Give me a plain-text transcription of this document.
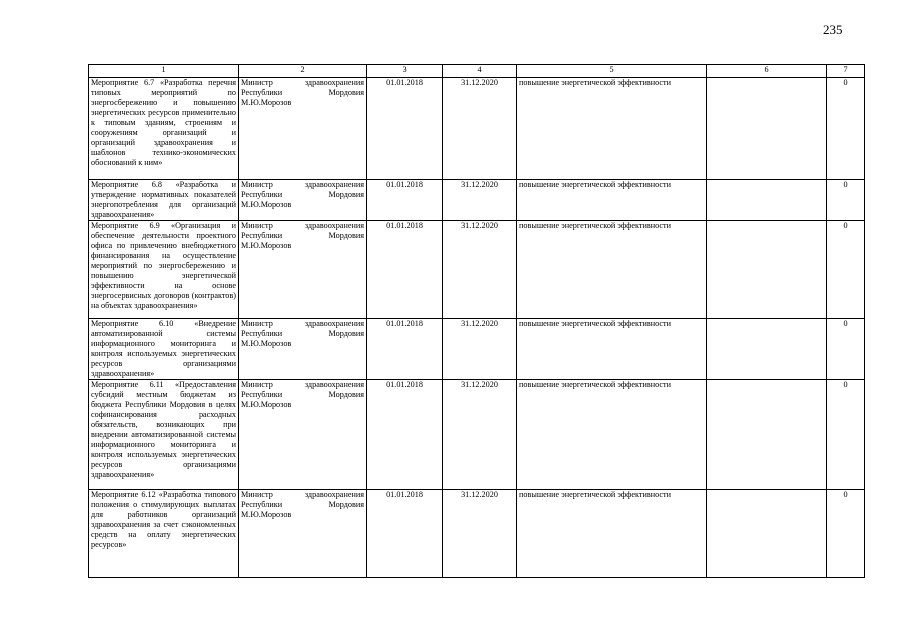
235
1	2	3	4	5	6	7
Мероприятие 6.7 «Разработка перечня типовых мероприятий по энергосбережению и повышению энергетических ресурсов применительно к типовым зданиям, строениям и сооружениям организаций и организаций здравоохранения и шаблонов технико-экономических обоснований к ним»	Министр здравоохранения Республики Мордовия М.Ю.Морозов	01.01.2018	31.12.2020	повышение энергетической эффективности		0
Мероприятие 6.8 «Разработка и утверждение нормативных показателей энергопотребления для организаций здравоохранения»	Министр здравоохранения Республики Мордовия М.Ю.Морозов	01.01.2018	31.12.2020	повышение энергетической эффективности		0
Мероприятие 6.9 «Организация и обеспечение деятельности проектного офиса по привлечению внебюджетного финансирования на осуществление мероприятий по энергосбережению и повышению энергетической эффективности на основе энергосервисных договоров (контрактов) на объектах здравоохранения»	Министр здравоохранения Республики Мордовия М.Ю.Морозов	01.01.2018	31.12.2020	повышение энергетической эффективности		0
Мероприятие 6.10 «Внедрение автоматизированной системы информационного мониторинга и контроля используемых энергетических ресурсов организациями здравоохранения»	Министр здравоохранения Республики Мордовия М.Ю.Морозов	01.01.2018	31.12.2020	повышение энергетической эффективности		0
Мероприятие 6.11 «Предоставления субсидий местным бюджетам из бюджета Республики Мордовия в целях софинансирования расходных обязательств, возникающих при внедрении автоматизированной системы информационного мониторинга и контроля используемых энергетических ресурсов организациями здравоохранения»	Министр здравоохранения Республики Мордовия М.Ю.Морозов	01.01.2018	31.12.2020	повышение энергетической эффективности		0
Мероприятие 6.12 «Разработка типового положения о стимулирующих выплатах для работников организаций здравоохранения за счет сэкономленных средств на оплату энергетических ресурсов»	Министр здравоохранения Республики Мордовия М.Ю.Морозов	01.01.2018	31.12.2020	повышение энергетической эффективности		0
